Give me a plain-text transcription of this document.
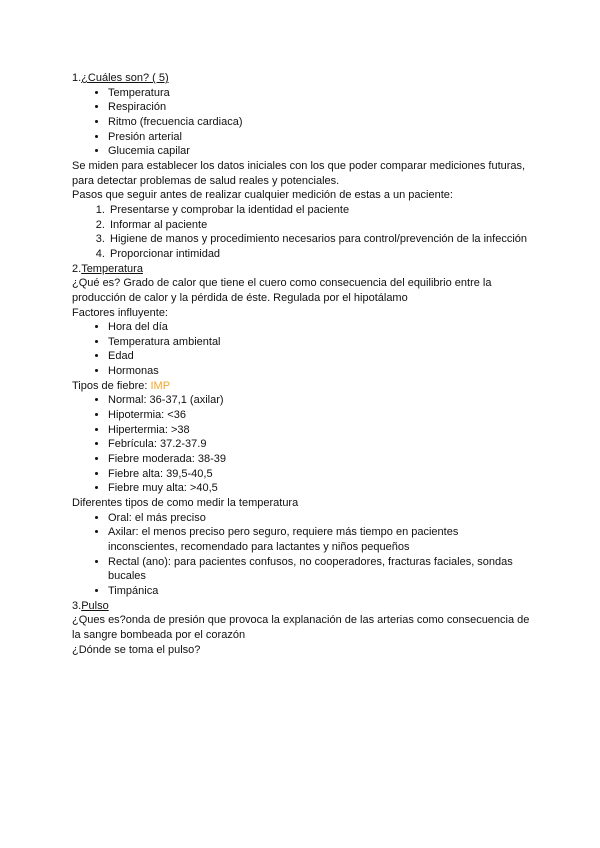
1.¿Cuáles son? ( 5)

• Temperatura
• Respiración
• Ritmo (frecuencia cardiaca)
• Presión arterial
• Glucemia capilar

Se miden para establecer los datos iniciales con los que poder comparar mediciones futuras, para detectar problemas de salud reales y potenciales.

Pasos que seguir antes de realizar cualquier medición de estas a un paciente:

1. Presentarse y comprobar la identidad el paciente
2. Informar al paciente
3. Higiene de manos y procedimiento necesarios para control/prevención de la infección
4. Proporcionar intimidad

2.Temperatura

¿Qué es? Grado de calor que tiene el cuero como consecuencia del equilibrio entre la producción de calor y la pérdida de éste. Regulada por el hipotálamo

Factores influyente:

• Hora del día
• Temperatura ambiental
• Edad
• Hormonas

Tipos de fiebre: IMP

• Normal: 36-37,1 (axilar)
• Hipotermia: <36
• Hipertermia: >38
• Febrícula: 37.2-37.9
• Fiebre moderada: 38-39
• Fiebre alta: 39,5-40,5
• Fiebre muy alta: >40,5

Diferentes tipos de como medir la temperatura

• Oral: el más preciso
• Axilar: el menos preciso pero seguro, requiere más tiempo en pacientes inconscientes, recomendado para lactantes y niños pequeños
• Rectal (ano): para pacientes confusos, no cooperadores, fracturas faciales, sondas bucales
• Timpánica

3.Pulso

¿Ques es?onda de presión que provoca la explanación de las arterias como consecuencia de la sangre bombeada por el corazón

¿Dónde se toma el pulso?
